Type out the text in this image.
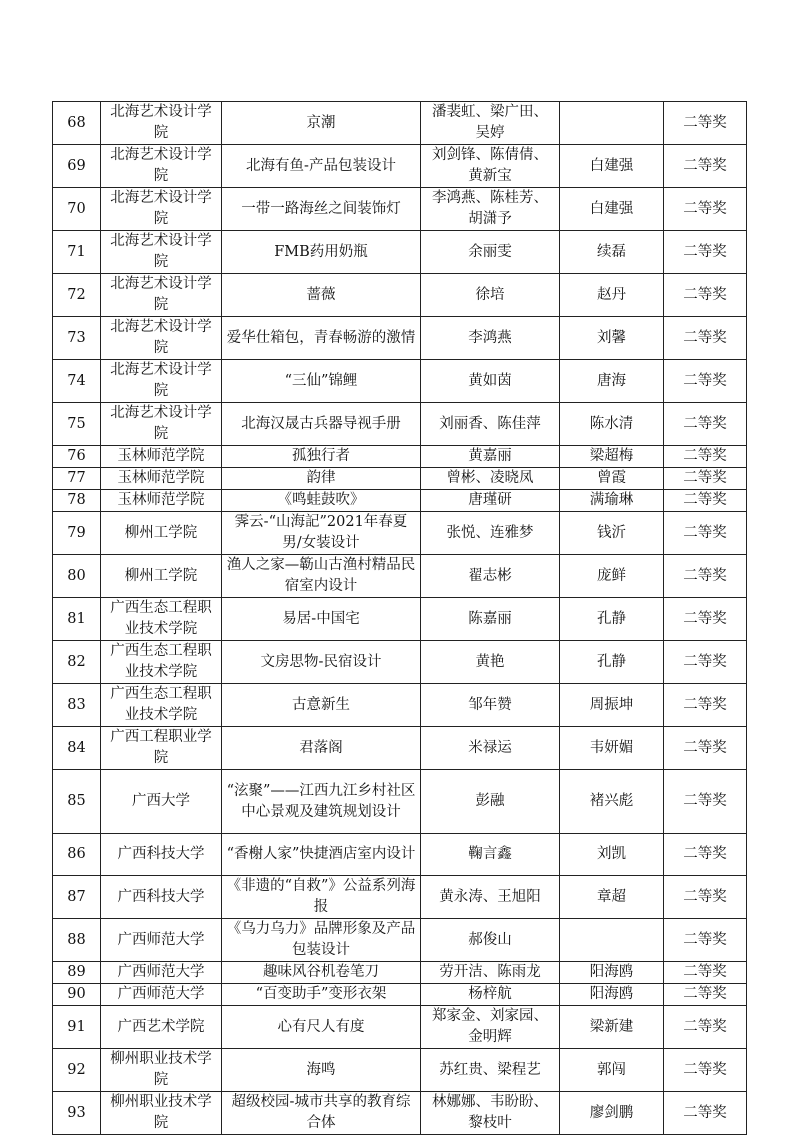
68	北海艺术设计学院	京潮	潘裴虹、梁广田、吴婷		二等奖
69	北海艺术设计学院	北海有鱼-产品包装设计	刘剑锋、陈倩倩、黄新宝	白建强	二等奖
70	北海艺术设计学院	一带一路海丝之间装饰灯	李鸿燕、陈桂芳、胡潇予	白建强	二等奖
71	北海艺术设计学院	FMB药用奶瓶	余丽雯	续磊	二等奖
72	北海艺术设计学院	蔷薇	徐培	赵丹	二等奖
73	北海艺术设计学院	爱华仕箱包，青春畅游的激情	李鸿燕	刘馨	二等奖
74	北海艺术设计学院	“三仙”锦鲤	黄如茵	唐海	二等奖
75	北海艺术设计学院	北海汉晟古兵器导视手册	刘丽香、陈佳萍	陈水清	二等奖
76	玉林师范学院	孤独行者	黄嘉丽	梁超梅	二等奖
77	玉林师范学院	韵律	曾彬、凌晓凤	曾霞	二等奖
78	玉林师范学院	《鸣蛙鼓吹》	唐瑾研	满瑜琳	二等奖
79	柳州工学院	霁云-“山海記”2021年春夏男/女装设计	张悦、连雅梦	钱沂	二等奖
80	柳州工学院	渔人之家—簕山古渔村精品民宿室内设计	翟志彬	庞鲜	二等奖
81	广西生态工程职业技术学院	易居-中国宅	陈嘉丽	孔静	二等奖
82	广西生态工程职业技术学院	文房思物-民宿设计	黄艳	孔静	二等奖
83	广西生态工程职业技术学院	古意新生	邹年赞	周振坤	二等奖
84	广西工程职业学院	君落阁	米禄运	韦妍媚	二等奖
85	广西大学	“泫聚”——江西九江乡村社区中心景观及建筑规划设计	彭融	褚兴彪	二等奖
86	广西科技大学	“香榭人家”快捷酒店室内设计	鞠言鑫	刘凯	二等奖
87	广西科技大学	《非遗的“自救”》公益系列海报	黄永涛、王旭阳	章超	二等奖
88	广西师范大学	《乌力乌力》品牌形象及产品包装设计	郝俊山		二等奖
89	广西师范大学	趣味风谷机卷笔刀	劳开洁、陈雨龙	阳海鸥	二等奖
90	广西师范大学	“百变助手”变形衣架	杨梓航	阳海鸥	二等奖
91	广西艺术学院	心有尺人有度	郑家金、刘家园、金明辉	梁新建	二等奖
92	柳州职业技术学院	海鸣	苏红贵、梁程艺	郭闯	二等奖
93	柳州职业技术学院	超级校园-城市共享的教育综合体	林娜娜、韦盼盼、黎枝叶	廖剑鹏	二等奖
